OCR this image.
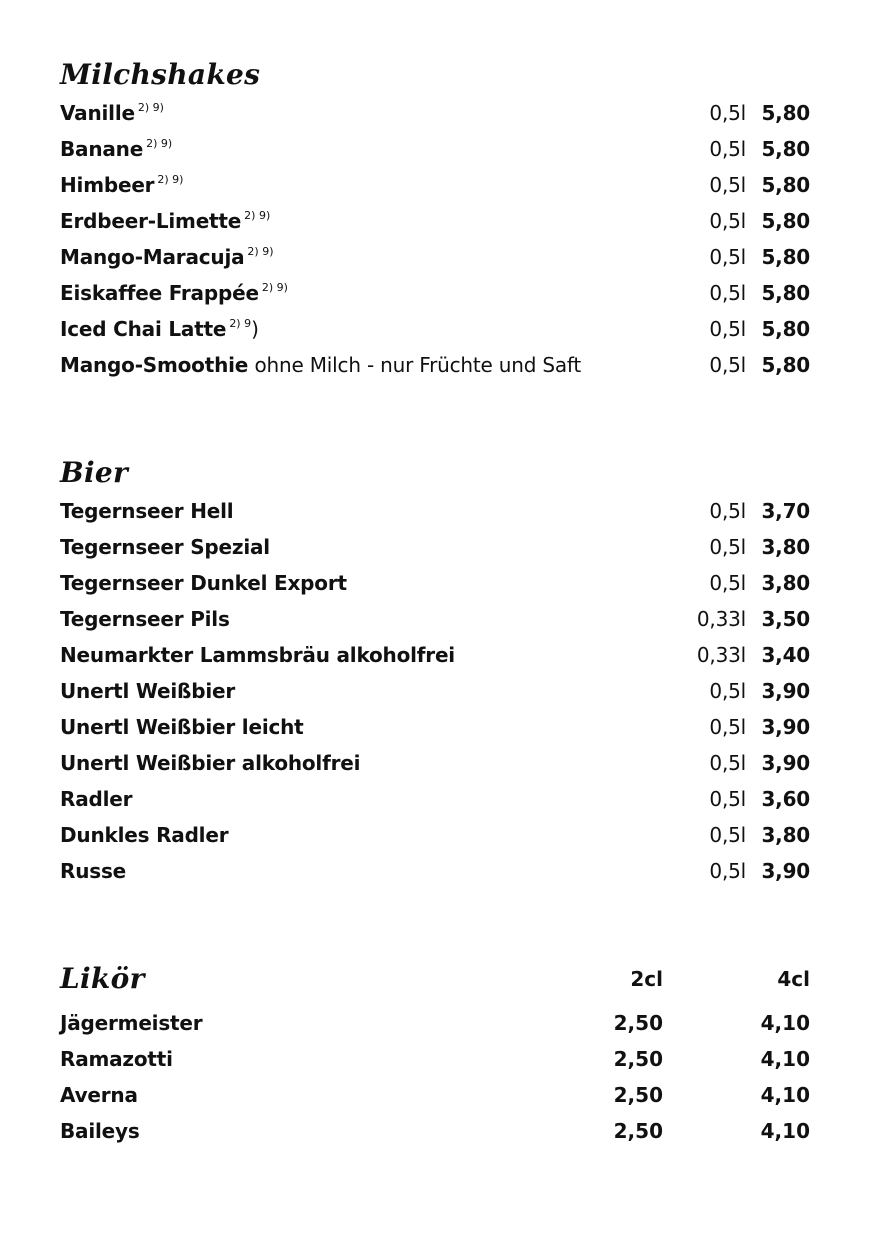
Milchshakes
Vanille $^{2) 9)}$	0,5l 5,80
Banane $^{2) 9)}$	0,5l 5,80
Himbeer $^{2) 9)}$	0,5l 5,80
Erdbeer-Limette $^{2) 9)}$	0,5l 5,80
Mango-Maracuja $^{2) 9)}$	0,5l 5,80
Eiskaffee Frappée $^{2) 9)}$	0,5l 5,80
Iced Chai Latte $^{2) 9}$)	0,5l 5,80
Mango-Smoothie ohne Milch - nur Früchte und Saft	0,5l 5,80
Bier
Tegernseer Hell	0,5l 3,70
Tegernseer Spezial	0,5l 3,80
Tegernseer Dunkel Export	0,5l 3,80
Tegernseer Pils	0,33l 3,50
Neumarkter Lammsbräu alkoholfrei	0,33l 3,40
Unertl Weißbier	0,5l 3,90
Unertl Weißbier leicht	0,5l 3,90
Unertl Weißbier alkoholfrei	0,5l 3,90
Radler	0,5l 3,60
Dunkles Radler	0,5l 3,80
Russe	0,5l 3,90
Likör	2cl	4cl
Jägermeister	2,50	4,10
Ramazotti	2,50	4,10
Averna	2,50	4,10
Baileys	2,50	4,10
